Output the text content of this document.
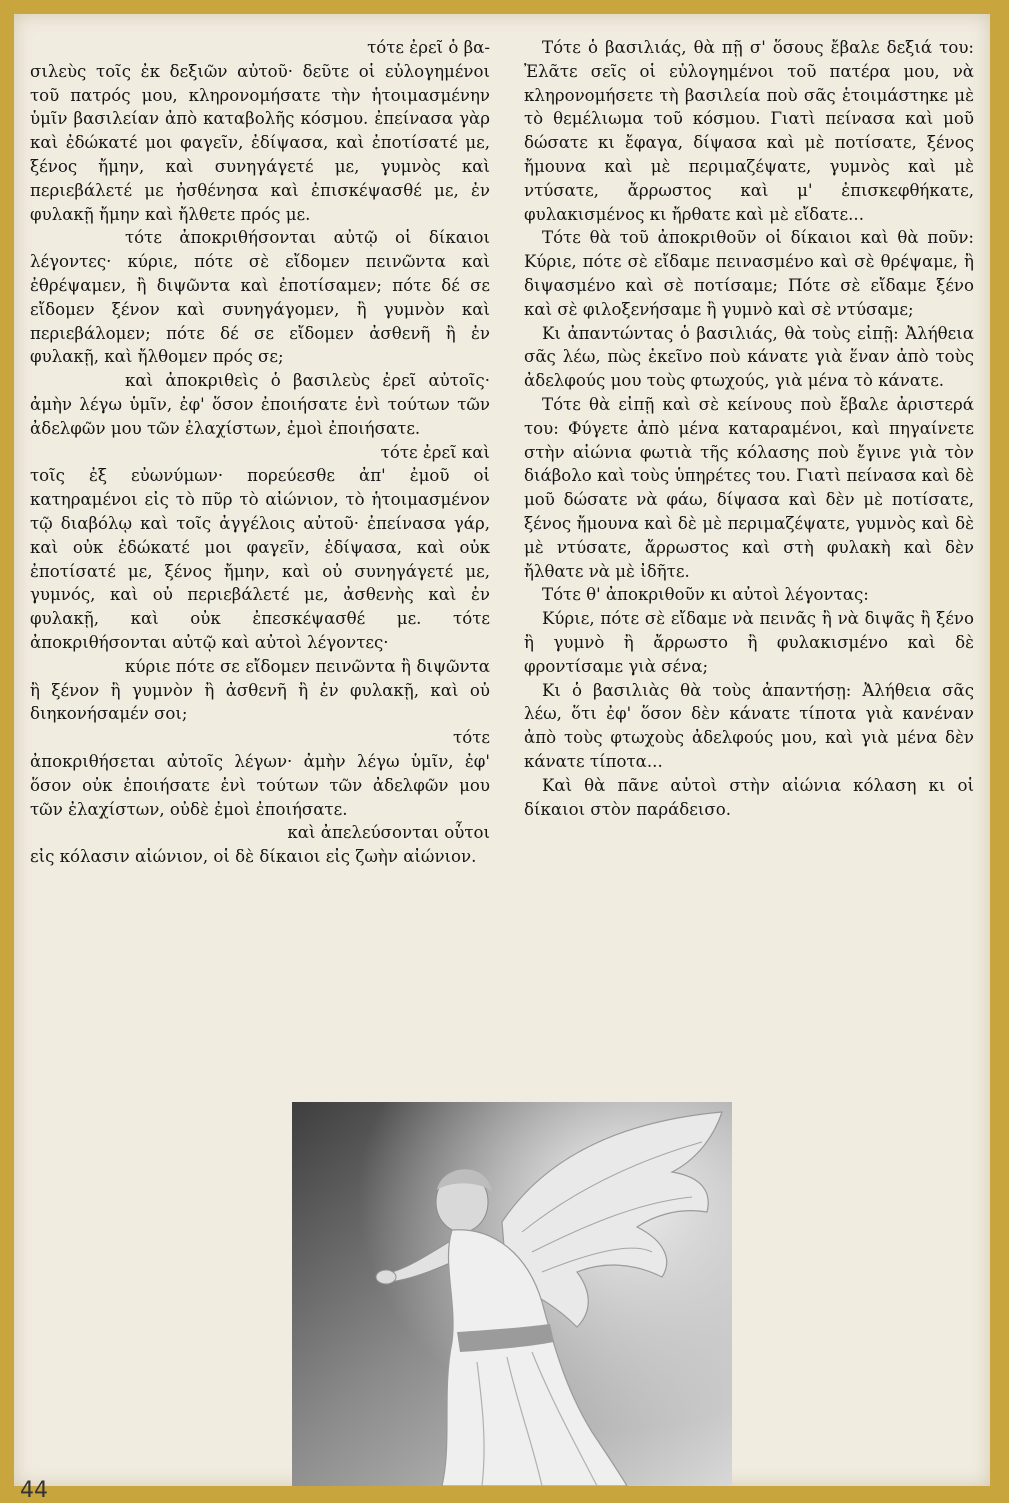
τότε ἐρεῖ ὁ βα-

σιλεὺς τοῖς ἐκ δεξιῶν αὐτοῦ· δεῦτε οἱ εὐλογημένοι τοῦ πατρός μου, κληρονομήσατε τὴν ἡτοιμασμένην ὑμῖν βασιλείαν ἀπὸ καταβολῆς κόσμου. ἐπείνασα γὰρ καὶ ἐδώκατέ μοι φαγεῖν, ἐδίψασα, καὶ ἐποτίσατέ με, ξένος ἤμην, καὶ συνηγάγετέ με, γυμνὸς καὶ περιεβάλετέ με ἠσθένησα καὶ ἐπισκέψασθέ με, ἐν φυλακῇ ἤμην καὶ ἤλθετε πρός με.

τότε ἀποκριθήσονται αὐτῷ οἱ δίκαιοι λέγοντες· κύριε, πότε σὲ εἴδομεν πεινῶντα καὶ ἐθρέψαμεν, ἢ διψῶντα καὶ ἐποτίσαμεν; πότε δέ σε εἴδομεν ξένον καὶ συνηγάγομεν, ἢ γυμνὸν καὶ περιεβάλομεν; πότε δέ σε εἴδομεν ἀσθενῆ ἢ ἐν φυλακῇ, καὶ ἤλθομεν πρός σε;

καὶ ἀποκριθεὶς ὁ βασιλεὺς ἐρεῖ αὐτοῖς· ἀμὴν λέγω ὑμῖν, ἐφ' ὅσον ἐποιήσατε ἑνὶ τούτων τῶν ἀδελφῶν μου τῶν ἐλαχίστων, ἐμοὶ ἐποιήσατε.

τότε ἐρεῖ καὶ

τοῖς ἐξ εὐωνύμων· πορεύεσθε ἀπ' ἐμοῦ οἱ κατηραμένοι εἰς τὸ πῦρ τὸ αἰώνιον, τὸ ἡτοιμασμένον τῷ διαβόλῳ καὶ τοῖς ἀγγέλοις αὐτοῦ· ἐπείνασα γάρ, καὶ οὐκ ἐδώκατέ μοι φαγεῖν, ἐδίψασα, καὶ οὐκ ἐποτίσατέ με, ξένος ἤμην, καὶ οὐ συνηγάγετέ με, γυμνός, καὶ οὐ περιεβάλετέ με, ἀσθενὴς καὶ ἐν φυλακῇ, καὶ οὐκ ἐπεσκέψασθέ με. τότε ἀποκριθήσονται αὐτῷ καὶ αὐτοὶ λέγοντες·

κύριε πότε σε εἴδομεν πεινῶντα ἢ διψῶντα ἢ ξένον ἢ γυμνὸν ἢ ἀσθενῆ ἢ ἐν φυλακῇ, καὶ οὐ διηκονήσαμέν σοι;

τότε

ἀποκριθήσεται αὐτοῖς λέγων· ἀμὴν λέγω ὑμῖν, ἐφ' ὅσον οὐκ ἐποιήσατε ἑνὶ τούτων τῶν ἀδελφῶν μου τῶν ἐλαχίστων, οὐδὲ ἐμοὶ ἐποιήσατε.

καὶ ἀπελεύσονται οὗτοι

εἰς κόλασιν αἰώνιον, οἱ δὲ δίκαιοι εἰς ζωὴν αἰώνιον.

Τότε ὁ βασιλιάς, θὰ πῇ σ' ὅσους ἔβαλε δεξιά του: Ἐλᾶτε σεῖς οἱ εὐλογημένοι τοῦ πατέρα μου, νὰ κληρονομήσετε τὴ βασιλεία ποὺ σᾶς ἑτοιμάστηκε μὲ τὸ θεμέλιωμα τοῦ κόσμου. Γιατὶ πείνασα καὶ μοῦ δώσατε κι ἔφαγα, δίψασα καὶ μὲ ποτίσατε, ξένος ἤμουνα καὶ μὲ περιμαζέψατε, γυμνὸς καὶ μὲ ντύσατε, ἄρρωστος καὶ μ' ἐπισκεφθήκατε, φυλακισμένος κι ἤρθατε καὶ μὲ εἴδατε...

Τότε θὰ τοῦ ἀποκριθοῦν οἱ δίκαιοι καὶ θὰ ποῦν: Κύριε, πότε σὲ εἴδαμε πεινασμένο καὶ σὲ θρέψαμε, ἢ διψασμένο καὶ σὲ ποτίσαμε; Πότε σὲ εἴδαμε ξένο καὶ σὲ φιλοξενήσαμε ἢ γυμνὸ καὶ σὲ ντύσαμε;

Κι ἀπαντώντας ὁ βασιλιάς, θὰ τοὺς εἰπῇ: Ἀλήθεια σᾶς λέω, πὼς ἐκεῖνο ποὺ κάνατε γιὰ ἕναν ἀπὸ τοὺς ἀδελφούς μου τοὺς φτωχούς, γιὰ μένα τὸ κάνατε.

Τότε θὰ εἰπῇ καὶ σὲ κείνους ποὺ ἔβαλε ἀριστερά του: Φύγετε ἀπὸ μένα καταραμένοι, καὶ πηγαίνετε στὴν αἰώνια φωτιὰ τῆς κόλασης ποὺ ἔγινε γιὰ τὸν διάβολο καὶ τοὺς ὑπηρέτες του. Γιατὶ πείνασα καὶ δὲ μοῦ δώσατε νὰ φάω, δίψασα καὶ δὲν μὲ ποτίσατε, ξένος ἤμουνα καὶ δὲ μὲ περιμαζέψατε, γυμνὸς καὶ δὲ μὲ ντύσατε, ἄρρωστος καὶ στὴ φυλακὴ καὶ δὲν ἤλθατε νὰ μὲ ἰδῆτε.

Τότε θ' ἀποκριθοῦν κι αὐτοὶ λέγοντας:

Κύριε, πότε σὲ εἴδαμε νὰ πεινᾶς ἢ νὰ διψᾶς ἢ ξένο ἢ γυμνὸ ἢ ἄρρωστο ἢ φυλακισμένο καὶ δὲ φροντίσαμε γιὰ σένα;

Κι ὁ βασιλιὰς θὰ τοὺς ἀπαντήσῃ: Ἀλήθεια σᾶς λέω, ὅτι ἐφ' ὅσον δὲν κάνατε τίποτα γιὰ κανέναν ἀπὸ τοὺς φτωχοὺς ἀδελφούς μου, καὶ γιὰ μένα δὲν κάνατε τίποτα...

Καὶ θὰ πᾶνε αὐτοὶ στὴν αἰώνια κόλαση κι οἱ δίκαιοι στὸν παράδεισο.

44
